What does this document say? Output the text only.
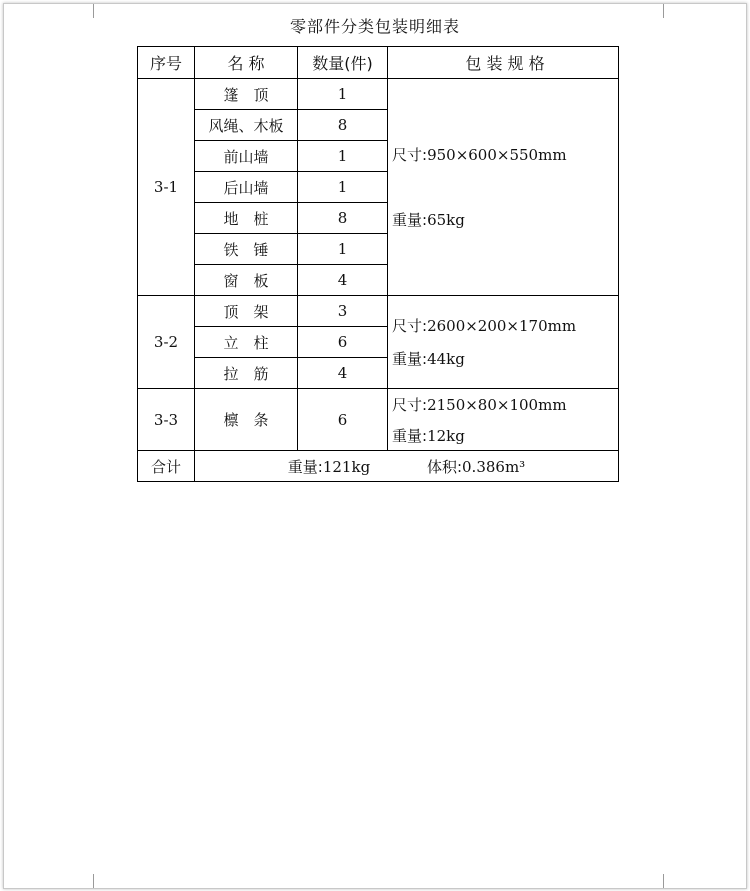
零部件分类包装明细表
序号	名 称	数量(件)	包 装 规 格
3-1	篷　顶	1	尺寸:950×600×550mm
重量:65kg

	风绳、木板	8	
	前山墙	1	
	后山墙	1	
	地　桩	8	
	铁　锤	1	
	窗　板	4	
3-2	顶　架	3	尺寸:2600×200×170mm
重量:44kg

	立　柱	6	
	拉　筋	4	
3-3	檩　条	6	尺寸:2150×80×100mm
重量:12kg

合计	重量:121kg 体积:0.386m³		
